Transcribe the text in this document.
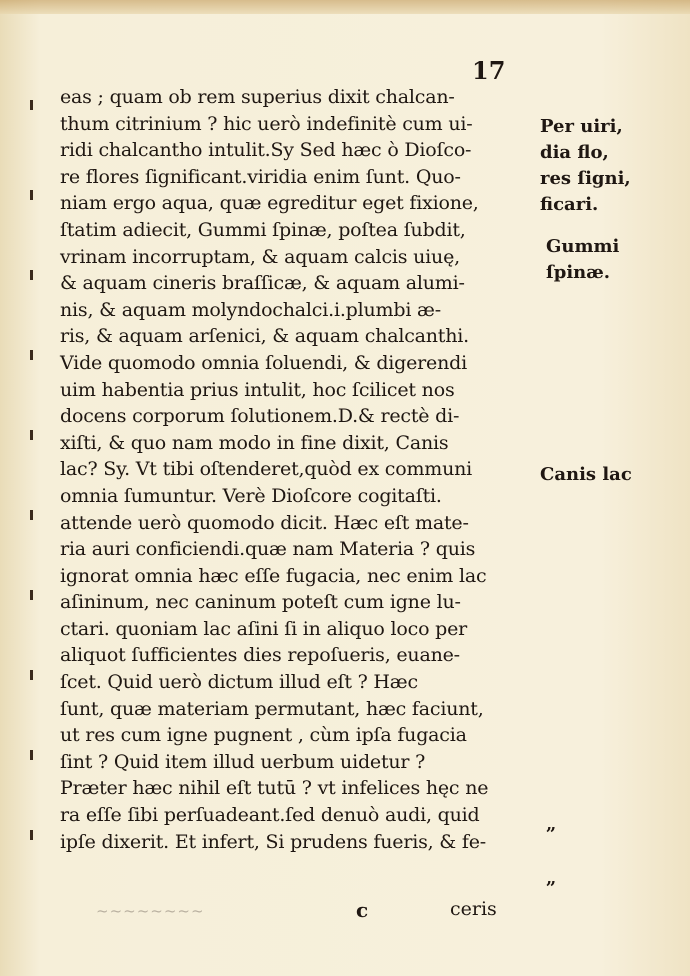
17
eas ; quam ob rem superius dixit chalcan-
thum citrinium ? hic uerò indefinitè cum ui-
ridi chalcantho intulit.Sy Sed hæc ò Dioſco-
re flores ſignificant.viridia enim ſunt. Quo-
niam ergo aqua, quæ egreditur eget fixione,
ſtatim adiecit, Gummi ſpinæ, poſtea ſubdit,
vrinam incorruptam, & aquam calcis uiuę,
& aquam cineris braſſicæ, & aquam alumi-
nis, & aquam molyndochalci.i.plumbi æ-
ris, & aquam arſenici, & aquam chalcanthi.
Vide quomodo omnia ſoluendi, & digerendi
uim habentia prius intulit, hoc ſcilicet nos
docens corporum ſolutionem.D.& rectè di-
xiſti, & quo nam modo in fine dixit, Canis
lac? Sy. Vt tibi oſtenderet,quòd ex communi
omnia ſumuntur. Verè Dioſcore cogitaſti.
attende uerò quomodo dicit. Hæc eſt mate-
ria auri conficiendi.quæ nam Materia ? quis
ignorat omnia hæc eſſe fugacia, nec enim lac
aſininum, nec caninum poteſt cum igne lu-
ctari. quoniam lac aſini ſi in aliquo loco per
aliquot ſufficientes dies repoſueris, euane-
ſcet. Quid uerò dictum illud eſt ? Hæc
ſunt, quæ materiam permutant, hæc faciunt,
ut res cum igne pugnent , cùm ipſa fugacia
ſint ? Quid item illud uerbum uidetur ?
Præter hæc nihil eſt tutū ? vt infelices hęc ne
ra eſſe ſibi perſuadeant.ſed denuò audi, quid
ipſe dixerit. Et infert, Si prudens fueris, & fe-
Per uiri,
dia flo,
res ſigni,
ficari.
Gummi
ſpinæ.
Canis lac
„
„
~~~~~~~~	c	ceris
